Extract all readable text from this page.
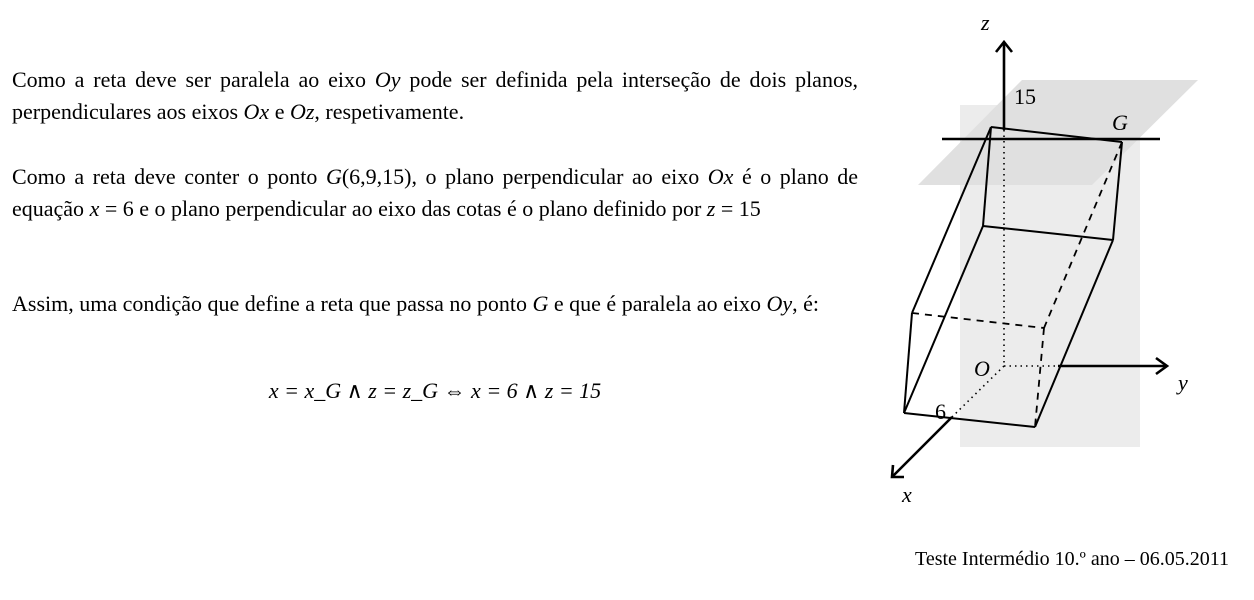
Como a reta deve ser paralela ao eixo Oy pode ser definida pela interseção de dois planos, perpendiculares aos eixos Ox e Oz, respetivamente.
Como a reta deve conter o ponto G(6,9,15), o plano perpendicular ao eixo Ox é o plano de equação x = 6 e o plano perpendicular ao eixo das cotas é o plano definido por z = 15
Assim, uma condição que define a reta que passa no ponto G e que é paralela ao eixo Oy, é:
x = x_G ∧ z = z_G ⇔ x = 6 ∧ z = 15
z
y
x
O
G
15
6
Teste Intermédio 10.º ano – 06.05.2011
